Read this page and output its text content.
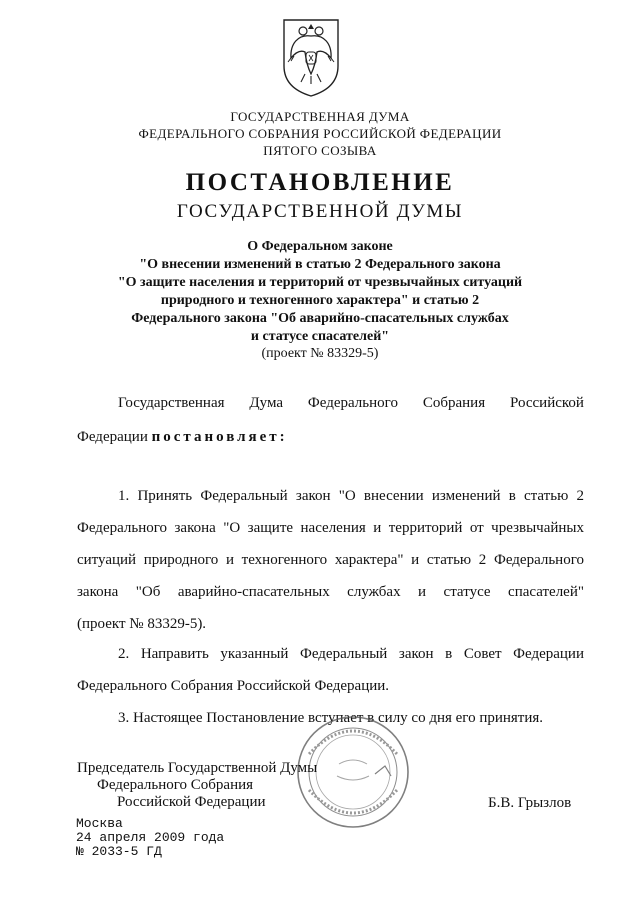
ГОСУДАРСТВЕННАЯ ДУМА
ФЕДЕРАЛЬНОГО СОБРАНИЯ РОССИЙСКОЙ ФЕДЕРАЦИИ
ПЯТОГО СОЗЫВА
ПОСТАНОВЛЕНИЕ
ГОСУДАРСТВЕННОЙ ДУМЫ
О Федеральном законе
"О внесении изменений в статью 2 Федерального закона
"О защите населения и территорий от чрезвычайных ситуаций
природного и техногенного характера" и статью 2
Федерального закона "Об аварийно-спасательных службах
и статусе спасателей"
(проект № 83329-5)
Государственная Дума Федерального Собрания Российской
Федерации постановляет:
1. Принять Федеральный закон "О внесении изменений в статью 2
Федерального закона "О защите населения и территорий от чрезвычайных
ситуаций природного и техногенного характера" и статью 2 Федерального
закона "Об аварийно-спасательных службах и статусе спасателей"
(проект № 83329-5).
2. Направить указанный Федеральный закон в Совет Федерации
Федерального Собрания Российской Федерации.
3. Настоящее Постановление вступает в силу со дня его принятия.
Председатель Государственной Думы
Федерального Собрания
Российской Федерации	Б.В. Грызлов
Москва
24 апреля 2009 года
№ 2033-5 ГД
